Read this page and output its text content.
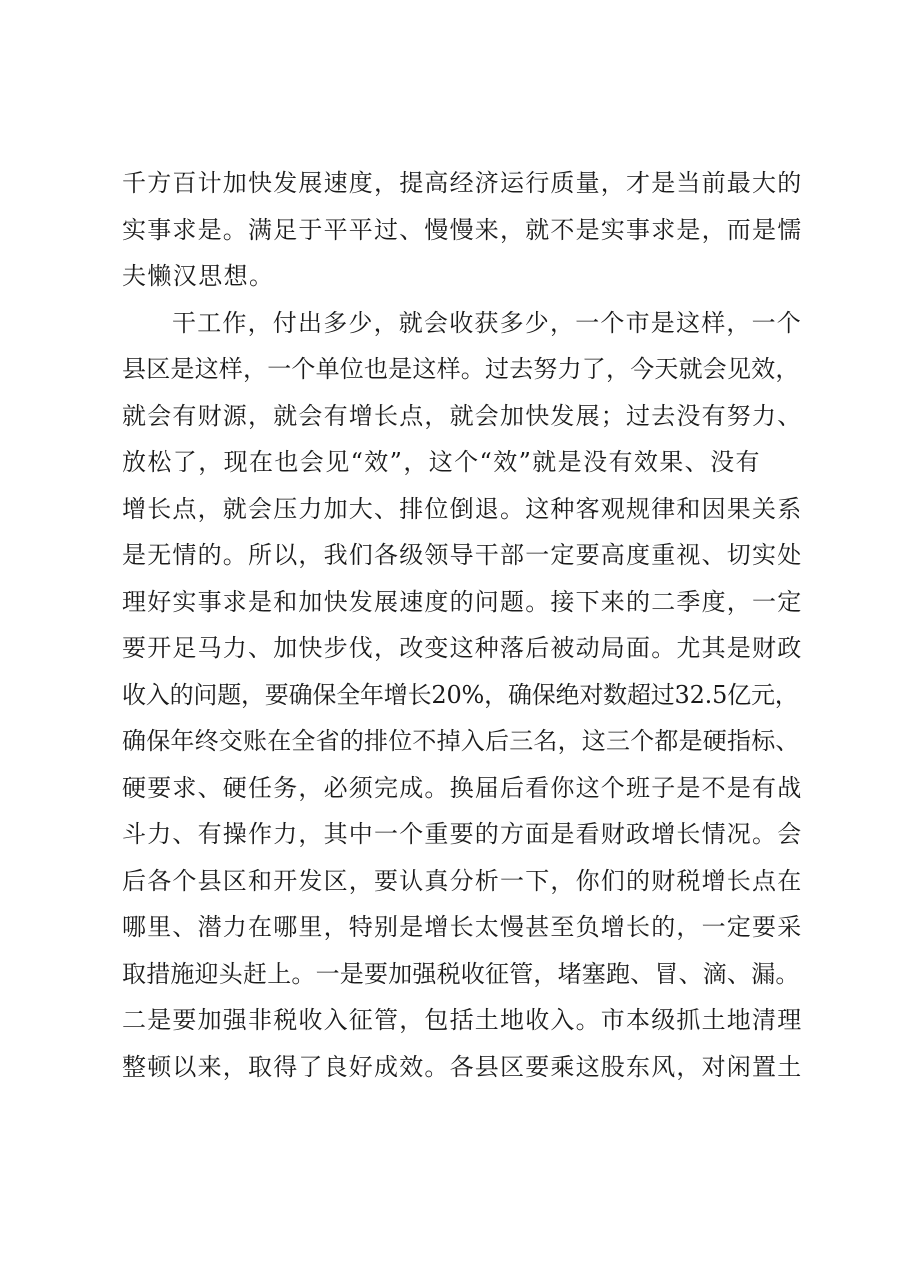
千方百计加快发展速度，提高经济运行质量，才是当前最大的
实事求是。满足于平平过、慢慢来，就不是实事求是，而是懦
夫懒汉思想。
干工作，付出多少，就会收获多少，一个市是这样，一个
县区是这样，一个单位也是这样。过去努力了，今天就会见效，
就会有财源，就会有增长点，就会加快发展；过去没有努力、
放松了，现在也会见“效”，这个“效”就是没有效果、没有
增长点，就会压力加大、排位倒退。这种客观规律和因果关系
是无情的。所以，我们各级领导干部一定要高度重视、切实处
理好实事求是和加快发展速度的问题。接下来的二季度，一定
要开足马力、加快步伐，改变这种落后被动局面。尤其是财政
收入的问题，要确保全年增长20%，确保绝对数超过32.5亿元，
确保年终交账在全省的排位不掉入后三名，这三个都是硬指标、
硬要求、硬任务，必须完成。换届后看你这个班子是不是有战
斗力、有操作力，其中一个重要的方面是看财政增长情况。会
后各个县区和开发区，要认真分析一下，你们的财税增长点在
哪里、潜力在哪里，特别是增长太慢甚至负增长的，一定要采
取措施迎头赶上。一是要加强税收征管，堵塞跑、冒、滴、漏。
二是要加强非税收入征管，包括土地收入。市本级抓土地清理
整顿以来，取得了良好成效。各县区要乘这股东风，对闲置土
